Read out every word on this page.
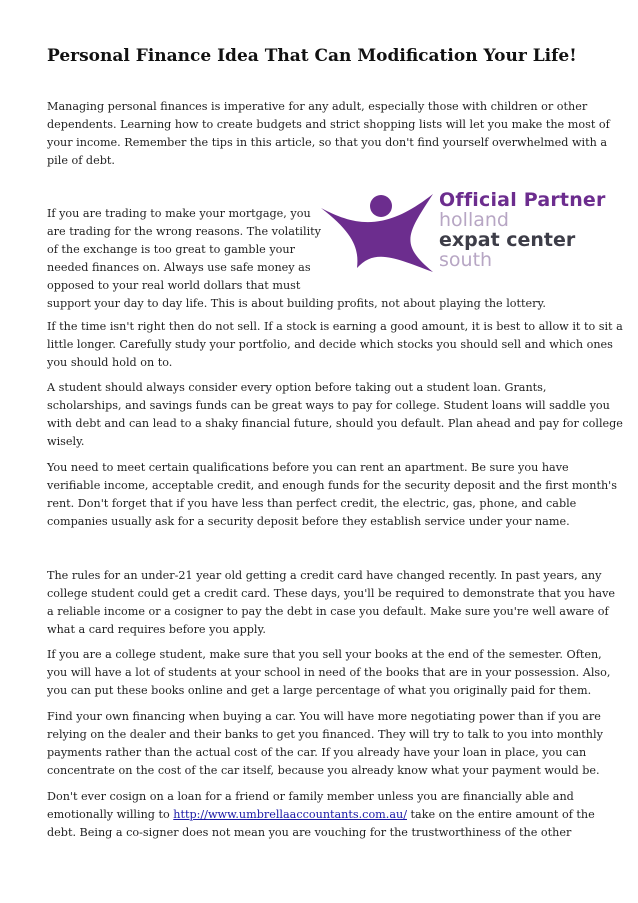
Personal Finance Idea That Can Modification Your Life!

Managing personal finances is imperative for any adult, especially those with children or other
dependents. Learning how to create budgets and strict shopping lists will let you make the most of
your income. Remember the tips in this article, so that you don't find yourself overwhelmed with a
pile of debt.

If you are trading to make your mortgage, you
are trading for the wrong reasons. The volatility
of the exchange is too great to gamble your
needed finances on. Always use safe money as
opposed to your real world dollars that must
support your day to day life. This is about building profits, not about playing the lottery.

Official Partner
holland
expat center
south

If the time isn't right then do not sell. If a stock is earning a good amount, it is best to allow it to sit a
little longer. Carefully study your portfolio, and decide which stocks you should sell and which ones
you should hold on to.

A student should always consider every option before taking out a student loan. Grants,
scholarships, and savings funds can be great ways to pay for college. Student loans will saddle you
with debt and can lead to a shaky financial future, should you default. Plan ahead and pay for college
wisely.

You need to meet certain qualifications before you can rent an apartment. Be sure you have
verifiable income, acceptable credit, and enough funds for the security deposit and the first month's
rent. Don't forget that if you have less than perfect credit, the electric, gas, phone, and cable
companies usually ask for a security deposit before they establish service under your name.

The rules for an under-21 year old getting a credit card have changed recently. In past years, any
college student could get a credit card. These days, you'll be required to demonstrate that you have
a reliable income or a cosigner to pay the debt in case you default. Make sure you're well aware of
what a card requires before you apply.

If you are a college student, make sure that you sell your books at the end of the semester. Often,
you will have a lot of students at your school in need of the books that are in your possession. Also,
you can put these books online and get a large percentage of what you originally paid for them.

Find your own financing when buying a car. You will have more negotiating power than if you are
relying on the dealer and their banks to get you financed. They will try to talk to you into monthly
payments rather than the actual cost of the car. If you already have your loan in place, you can
concentrate on the cost of the car itself, because you already know what your payment would be.

Don't ever cosign on a loan for a friend or family member unless you are financially able and
emotionally willing to http://www.umbrellaaccountants.com.au/ take on the entire amount of the
debt. Being a co-signer does not mean you are vouching for the trustworthiness of the other
